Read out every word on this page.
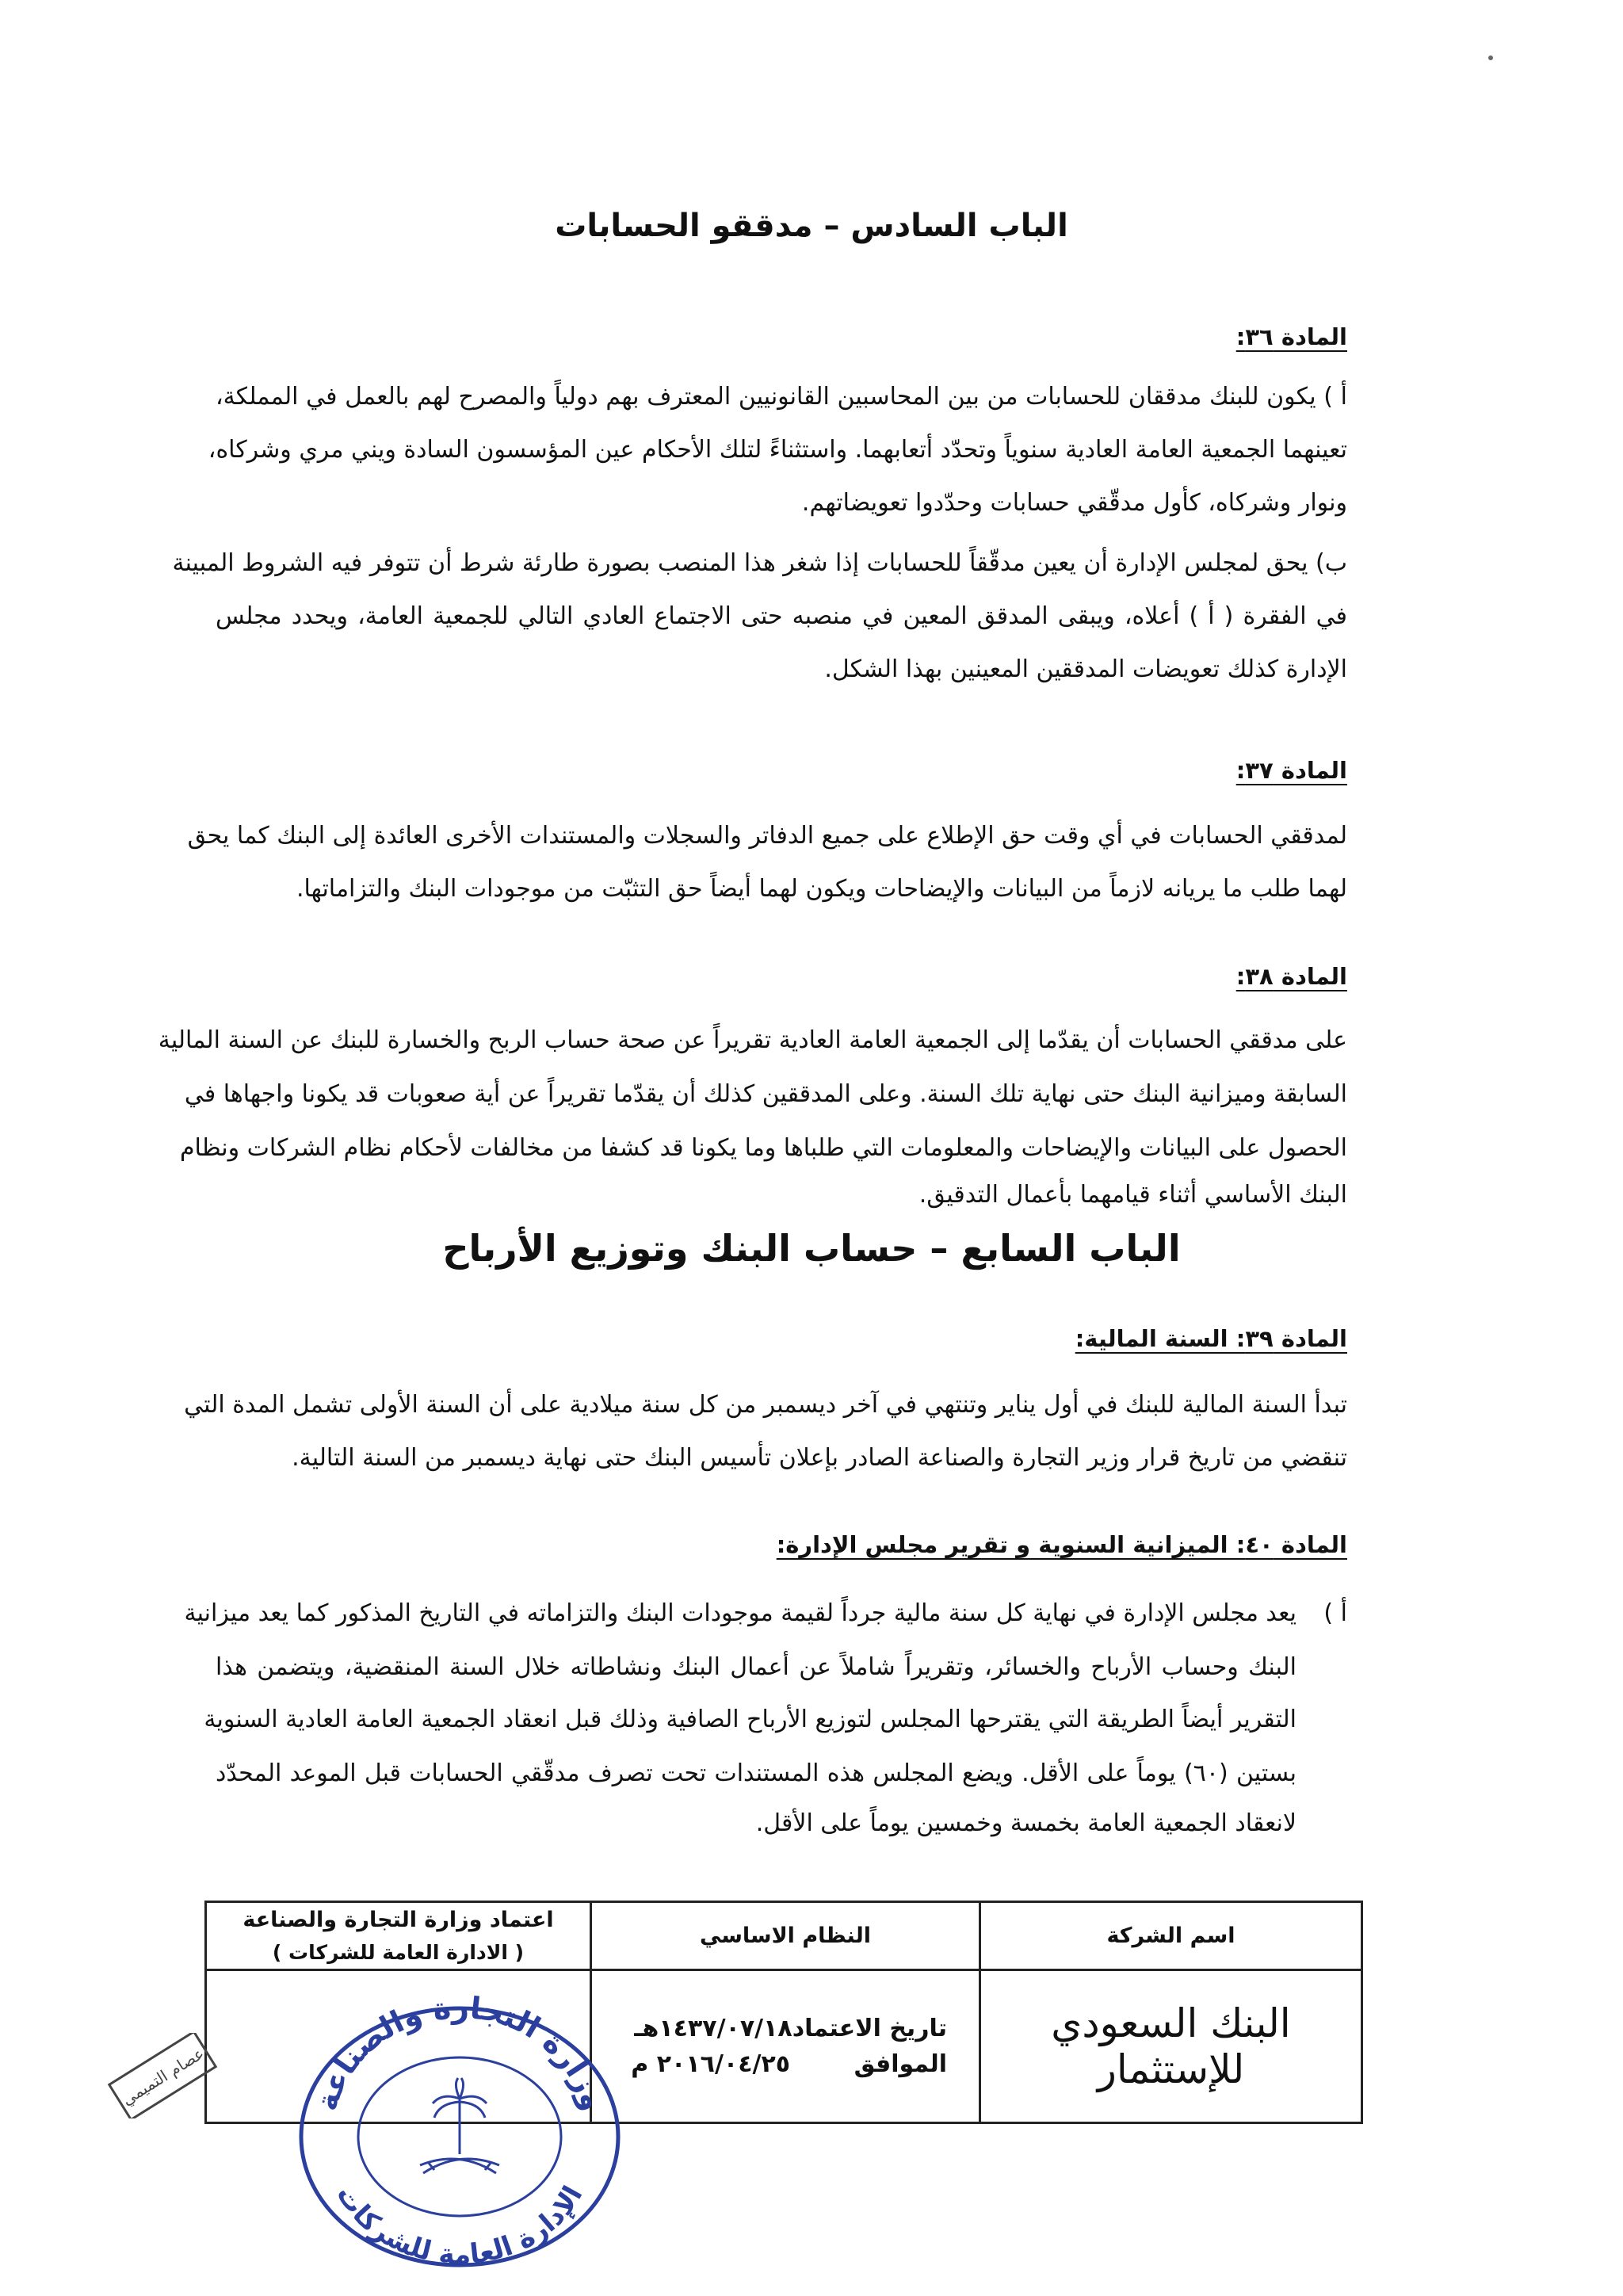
الباب السادس – مدققو الحسابات
المادة ٣٦:
أ ) يكون للبنك مدققان للحسابات من بين المحاسبين القانونيين المعترف بهم دولياً والمصرح لهم بالعمل في المملكة،
تعينهما الجمعية العامة العادية سنوياً وتحدّد أتعابهما. واستثناءً لتلك الأحكام عين المؤسسون السادة ويني مري وشركاه،
ونوار وشركاه، كأول مدقّقي حسابات وحدّدوا تعويضاتهم.
ب) يحق لمجلس الإدارة أن يعين مدقّقاً للحسابات إذا شغر هذا المنصب بصورة طارئة شرط أن تتوفر فيه الشروط المبينة
في الفقرة ( أ ) أعلاه، ويبقى المدقق المعين في منصبه حتى الاجتماع العادي التالي للجمعية العامة، ويحدد مجلس
الإدارة كذلك تعويضات المدققين المعينين بهذا الشكل.
المادة ٣٧:
لمدققي الحسابات في أي وقت حق الإطلاع على جميع الدفاتر والسجلات والمستندات الأخرى العائدة إلى البنك كما يحق
لهما طلب ما يريانه لازماً من البيانات والإيضاحات ويكون لهما أيضاً حق التثبّت من موجودات البنك والتزاماتها.
المادة ٣٨:
على مدققي الحسابات أن يقدّما إلى الجمعية العامة العادية تقريراً عن صحة حساب الربح والخسارة للبنك عن السنة المالية
السابقة وميزانية البنك حتى نهاية تلك السنة. وعلى المدققين كذلك أن يقدّما تقريراً عن أية صعوبات قد يكونا واجهاها في
الحصول على البيانات والإيضاحات والمعلومات التي طلباها وما يكونا قد كشفا من مخالفات لأحكام نظام الشركات ونظام
البنك الأساسي أثناء قيامهما بأعمال التدقيق.
الباب السابع – حساب البنك وتوزيع الأرباح
المادة ٣٩: السنة المالية:
تبدأ السنة المالية للبنك في أول يناير وتنتهي في آخر ديسمبر من كل سنة ميلادية على أن السنة الأولى تشمل المدة التي
تنقضي من تاريخ قرار وزير التجارة والصناعة الصادر بإعلان تأسيس البنك حتى نهاية ديسمبر من السنة التالية.
المادة ٤٠: الميزانية السنوية و تقرير مجلس الإدارة:
أ )
يعد مجلس الإدارة في نهاية كل سنة مالية جرداً لقيمة موجودات البنك والتزاماته في التاريخ المذكور كما يعد ميزانية
البنك وحساب الأرباح والخسائر، وتقريراً شاملاً عن أعمال البنك ونشاطاته خلال السنة المنقضية، ويتضمن هذا
التقرير أيضاً الطريقة التي يقترحها المجلس لتوزيع الأرباح الصافية وذلك قبل انعقاد الجمعية العامة العادية السنوية
بستين (٦٠) يوماً على الأقل. ويضع المجلس هذه المستندات تحت تصرف مدقّقي الحسابات قبل الموعد المحدّد
لانعقاد الجمعية العامة بخمسة وخمسين يوماً على الأقل.
اسم الشركة	النظام الاساسي	اعتماد وزارة التجارة والصناعة
( الادارة العامة للشركات )

البنك السعودي للإستثمار	تاريخ الاعتماد١٤٣٧/٠٧/١٨هـ
الموافق ٢٠١٦/٠٤/٢٥ م	

وزارة التجارة والصناعة
الإدارة العامة للشركات
عصام التميمي
